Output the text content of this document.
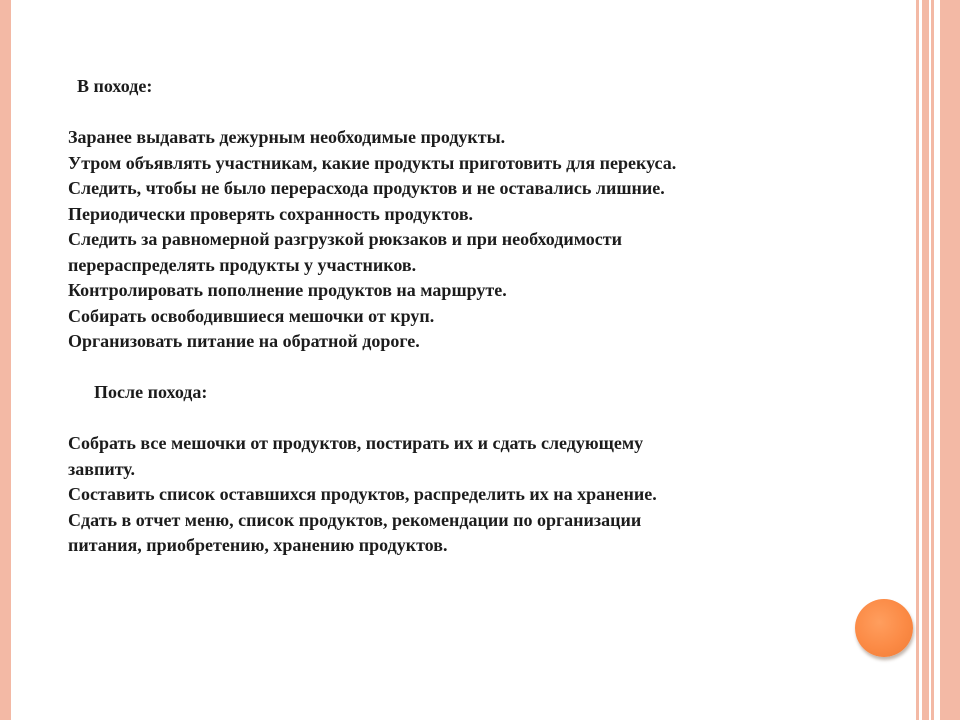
В походе:
Заранее выдавать дежурным необходимые продукты.
Утром объявлять участникам, какие продукты приготовить для перекуса.
Следить, чтобы не было перерасхода продуктов и не оставались лишние.
Периодически проверять сохранность продуктов.
Следить за равномерной разгрузкой рюкзаков и при необходимости
перераспределять продукты у участников.
Контролировать пополнение продуктов на маршруте.
Собирать освободившиеся мешочки от круп.
Организовать питание на обратной дороге.
После похода:
Собрать все мешочки от продуктов, постирать их и сдать следующему
завпиту.
Составить список оставшихся продуктов, распределить их на хранение.
Сдать в отчет меню, список продуктов, рекомендации по организации
питания, приобретению, хранению продуктов.
